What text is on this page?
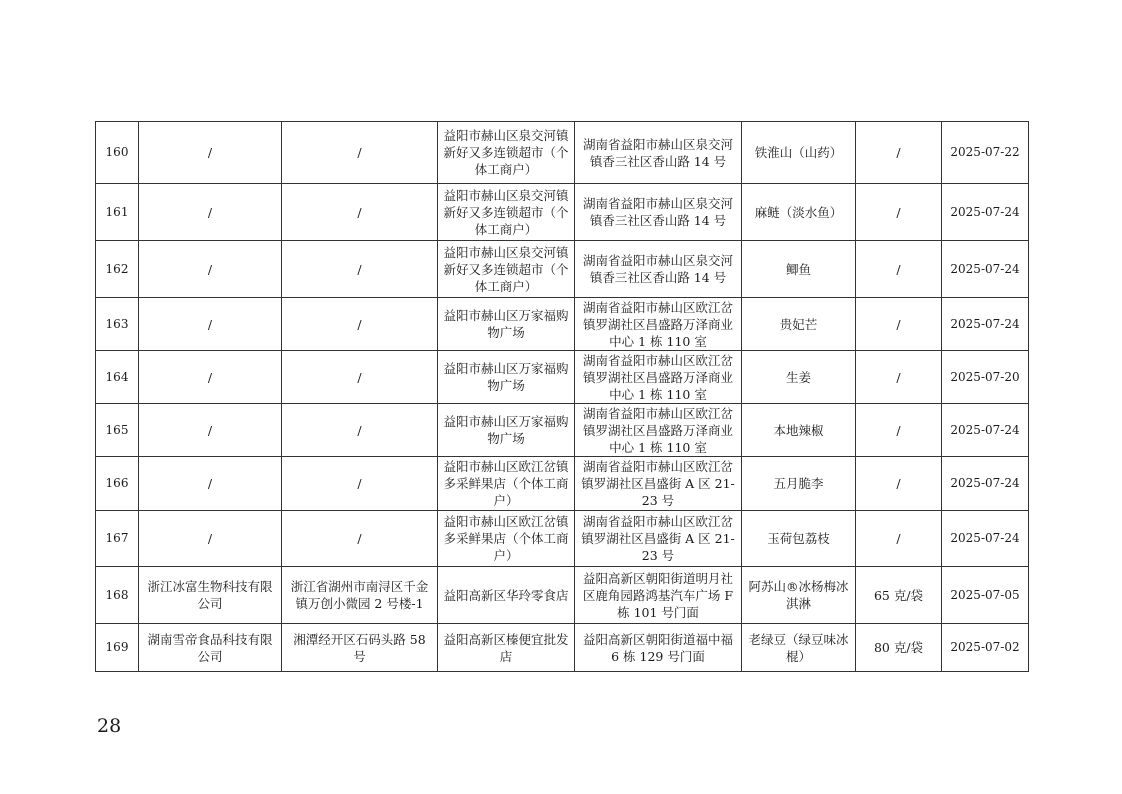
160	/	/	益阳市赫山区泉交河镇新好又多连锁超市（个体工商户）	湖南省益阳市赫山区泉交河镇香三社区香山路 14 号	铁淮山（山药）	/	2025-07-22
161	/	/	益阳市赫山区泉交河镇新好又多连锁超市（个体工商户）	湖南省益阳市赫山区泉交河镇香三社区香山路 14 号	麻鲢（淡水鱼）	/	2025-07-24
162	/	/	益阳市赫山区泉交河镇新好又多连锁超市（个体工商户）	湖南省益阳市赫山区泉交河镇香三社区香山路 14 号	鲫鱼	/	2025-07-24
163	/	/	益阳市赫山区万家福购物广场	湖南省益阳市赫山区欧江岔镇罗湖社区昌盛路万泽商业中心 1 栋 110 室	贵妃芒	/	2025-07-24
164	/	/	益阳市赫山区万家福购物广场	湖南省益阳市赫山区欧江岔镇罗湖社区昌盛路万泽商业中心 1 栋 110 室	生姜	/	2025-07-20
165	/	/	益阳市赫山区万家福购物广场	湖南省益阳市赫山区欧江岔镇罗湖社区昌盛路万泽商业中心 1 栋 110 室	本地辣椒	/	2025-07-24
166	/	/	益阳市赫山区欧江岔镇多采鲜果店（个体工商户）	湖南省益阳市赫山区欧江岔镇罗湖社区昌盛街 A 区 21-23 号	五月脆李	/	2025-07-24
167	/	/	益阳市赫山区欧江岔镇多采鲜果店（个体工商户）	湖南省益阳市赫山区欧江岔镇罗湖社区昌盛街 A 区 21-23 号	玉荷包荔枝	/	2025-07-24
168	浙江冰富生物科技有限公司	浙江省湖州市南浔区千金镇万创小微园 2 号楼-1	益阳高新区华玲零食店	益阳高新区朝阳街道明月社区鹿角园路鸿基汽车广场 F 栋 101 号门面	阿苏山®冰杨梅冰淇淋	65 克/袋	2025-07-05
169	湖南雪帝食品科技有限公司	湘潭经开区石码头路 58 号	益阳高新区榛便宜批发店	益阳高新区朝阳街道福中福 6 栋 129 号门面	老绿豆（绿豆味冰棍）	80 克/袋	2025-07-02
28
